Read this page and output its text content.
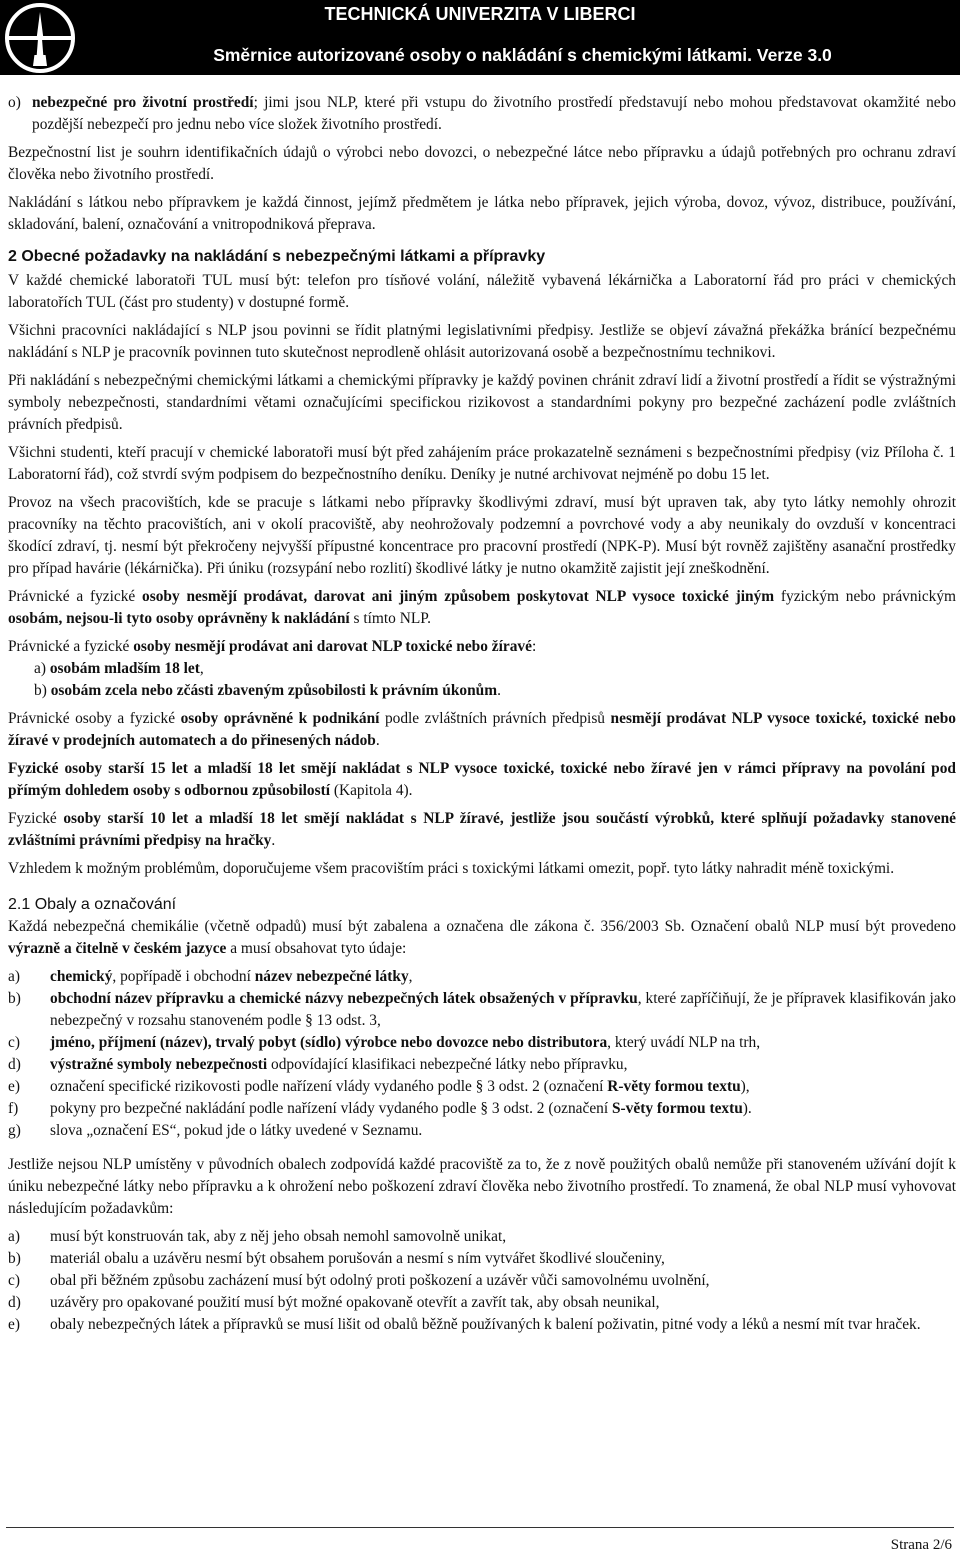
TECHNICKÁ UNIVERZITA V LIBERCI
Směrnice autorizované osoby o nakládání s chemickými látkami. Verze 3.0
o) nebezpečné pro životní prostředí; jimi jsou NLP, které při vstupu do životního prostředí představují nebo mohou představovat okamžité nebo pozdější nebezpečí pro jednu nebo více složek životního prostředí.

Bezpečnostní list je souhrn identifikačních údajů o výrobci nebo dovozci, o nebezpečné látce nebo přípravku a údajů potřebných pro ochranu zdraví člověka nebo životního prostředí.

Nakládání s látkou nebo přípravkem je každá činnost, jejímž předmětem je látka nebo přípravek, jejich výroba, dovoz, vývoz, distribuce, používání, skladování, balení, označování a vnitropodniková přeprava.

2 Obecné požadavky na nakládání s nebezpečnými látkami a přípravky

V každé chemické laboratoři TUL musí být: telefon pro tísňové volání, náležitě vybavená lékárnička a Laboratorní řád pro práci v chemických laboratořích TUL (část pro studenty) v dostupné formě.

Všichni pracovníci nakládající s NLP jsou povinni se řídit platnými legislativními předpisy. Jestliže se objeví závažná překážka bránící bezpečnému nakládání s NLP je pracovník povinnen tuto skutečnost neprodleně ohlásit autorizovaná osobě a bezpečnostnímu technikovi.

Při nakládání s nebezpečnými chemickými látkami a chemickými přípravky je každý povinen chránit zdraví lidí a životní prostředí a řídit se výstražnými symboly nebezpečnosti, standardními větami označujícími specifickou rizikovost a standardními pokyny pro bezpečné zacházení podle zvláštních právních předpisů.

Všichni studenti, kteří pracují v chemické laboratoři musí být před zahájením práce prokazatelně seznámeni s bezpečnostními předpisy (viz Příloha č. 1 Laboratorní řád), což stvrdí svým podpisem do bezpečnostního deníku. Deníky je nutné archivovat nejméně po dobu 15 let.

Provoz na všech pracovištích, kde se pracuje s látkami nebo přípravky škodlivými zdraví, musí být upraven tak, aby tyto látky nemohly ohrozit pracovníky na těchto pracovištích, ani v okolí pracoviště, aby neohrožovaly podzemní a povrchové vody a aby neunikaly do ovzduší v koncentraci škodící zdraví, tj. nesmí být překročeny nejvyšší přípustné koncentrace pro pracovní prostředí (NPK-P). Musí být rovněž zajištěny asanační prostředky pro případ havárie (lékárnička). Při úniku (rozsypání nebo rozlití) škodlivé látky je nutno okamžitě zajistit její zneškodnění.

Právnické a fyzické osoby nesmějí prodávat, darovat ani jiným způsobem poskytovat NLP vysoce toxické jiným fyzickým nebo právnickým osobám, nejsou-li tyto osoby oprávněny k nakládání s tímto NLP.

Právnické a fyzické osoby nesmějí prodávat ani darovat NLP toxické nebo žíravé:

a) osobám mladším 18 let,
b) osobám zcela nebo zčásti zbaveným způsobilosti k právním úkonům.

Právnické osoby a fyzické osoby oprávněné k podnikání podle zvláštních právních předpisů nesmějí prodávat NLP vysoce toxické, toxické nebo žíravé v prodejních automatech a do přinesených nádob.

Fyzické osoby starší 15 let a mladší 18 let smějí nakládat s NLP vysoce toxické, toxické nebo žíravé jen v rámci přípravy na povolání pod přímým dohledem osoby s odbornou způsobilostí (Kapitola 4).

Fyzické osoby starší 10 let a mladší 18 let smějí nakládat s NLP žíravé, jestliže jsou součástí výrobků, které splňují požadavky stanovené zvláštními právními předpisy na hračky.

Vzhledem k možným problémům, doporučujeme všem pracovištím práci s toxickými látkami omezit, popř. tyto látky nahradit méně toxickými.

2.1 Obaly a označování

Každá nebezpečná chemikálie (včetně odpadů) musí být zabalena a označena dle zákona č. 356/2003 Sb. Označení obalů NLP musí být provedeno výrazně a čitelně v českém jazyce a musí obsahovat tyto údaje:

a)	chemický, popřípadě i obchodní název nebezpečné látky,
b)	obchodní název přípravku a chemické názvy nebezpečných látek obsažených v přípravku, které zapříčiňují, že je přípravek klasifikován jako nebezpečný v rozsahu stanoveném podle § 13 odst. 3,
c)	jméno, příjmení (název), trvalý pobyt (sídlo) výrobce nebo dovozce nebo distributora, který uvádí NLP na trh,
d)	výstražné symboly nebezpečnosti odpovídající klasifikaci nebezpečné látky nebo přípravku,
e)	označení specifické rizikovosti podle nařízení vlády vydaného podle § 3 odst. 2 (označení R-věty formou textu),
f)	pokyny pro bezpečné nakládání podle nařízení vlády vydaného podle § 3 odst. 2 (označení S-věty formou textu).
g)	slova „označení ES“, pokud jde o látky uvedené v Seznamu.

Jestliže nejsou NLP umístěny v původních obalech zodpovídá každé pracoviště za to, že z nově použitých obalů nemůže při stanoveném užívání dojít k úniku nebezpečné látky nebo přípravku a k ohrožení nebo poškození zdraví člověka nebo životního prostředí. To znamená, že obal NLP musí vyhovovat následujícím požadavkům:

a)	musí být konstruován tak, aby z něj jeho obsah nemohl samovolně unikat,
b)	materiál obalu a uzávěru nesmí být obsahem porušován a nesmí s ním vytvářet škodlivé sloučeniny,
c)	obal při běžném způsobu zacházení musí být odolný proti poškození a uzávěr vůči samovolnému uvolnění,
d)	uzávěry pro opakované použití musí být možné opakovaně otevřít a zavřít tak, aby obsah neunikal,
e)	obaly nebezpečných látek a přípravků se musí lišit od obalů běžně používaných k balení poživatin, pitné vody a léků a nesmí mít tvar hraček.
Strana 2/6
